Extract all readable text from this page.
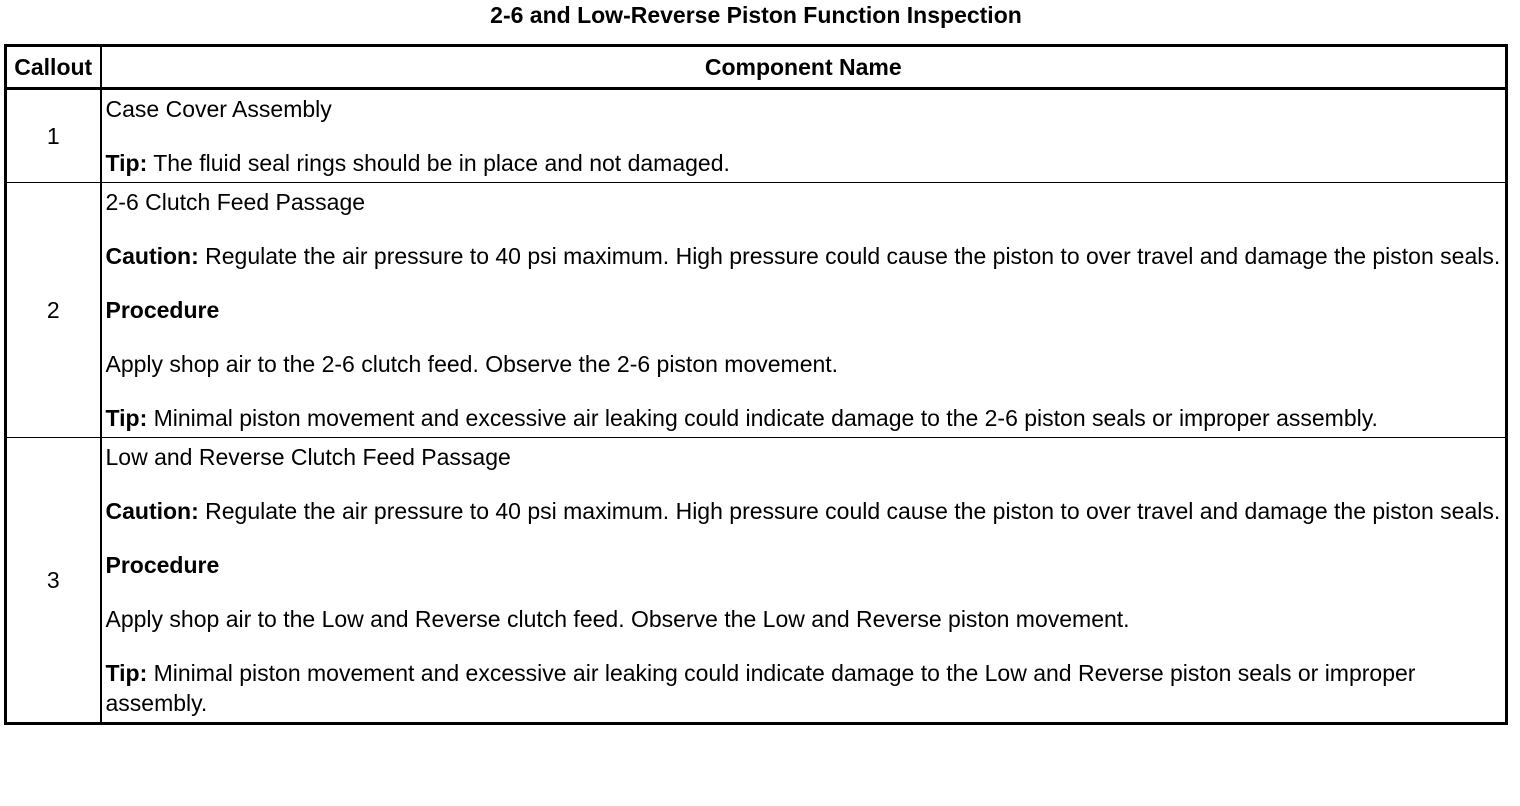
2-6 and Low-Reverse Piston Function Inspection
Callout	Component Name
1	Case Cover Assembly

Tip: The fluid seal rings should be in place and not damaged.

2	2-6 Clutch Feed Passage

Caution: Regulate the air pressure to 40 psi maximum. High pressure could cause the piston to over travel and damage the piston seals.

Procedure

Apply shop air to the 2-6 clutch feed. Observe the 2-6 piston movement.

Tip: Minimal piston movement and excessive air leaking could indicate damage to the 2-6 piston seals or improper assembly.

3	Low and Reverse Clutch Feed Passage

Caution: Regulate the air pressure to 40 psi maximum. High pressure could cause the piston to over travel and damage the piston seals.

Procedure

Apply shop air to the Low and Reverse clutch feed. Observe the Low and Reverse piston movement.

Tip: Minimal piston movement and excessive air leaking could indicate damage to the Low and Reverse piston seals or improper assembly.
